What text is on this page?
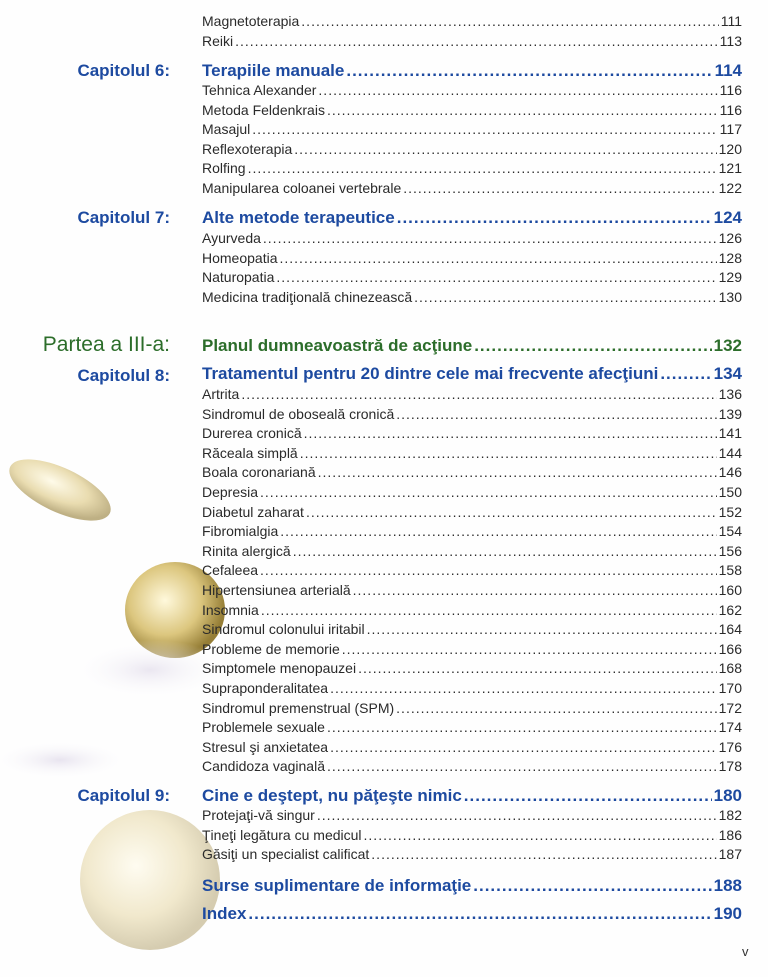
Magnetoterapia .....	111
Reiki .....	113
Capitolul 6: Terapiile manuale .....	114
Tehnica Alexander .....	116
Metoda Feldenkrais .....	116
Masajul .....	117
Reflexoterapia .....	120
Rolfing .....	121
Manipularea coloanei vertebrale .....	122
Capitolul 7: Alte metode terapeutice .....	124
Ayurveda .....	126
Homeopatia .....	128
Naturopatia .....	129
Medicina tradiţională chinezească .....	130
Partea a III-a: Planul dumneavoastră de acţiune .....	132
Capitolul 8: Tratamentul pentru 20 dintre cele mai frecvente afecţiuni .....	134
Artrita .....	136
Sindromul de oboseală cronică .....	139
Durerea cronică .....	141
Răceala simplă .....	144
Boala coronariană .....	146
Depresia .....	150
Diabetul zaharat .....	152
Fibromialgia .....	154
Rinita alergică .....	156
Cefaleea .....	158
Hipertensiunea arterială .....	160
Insomnia .....	162
Sindromul colonului iritabil .....	164
Probleme de memorie .....	166
Simptomele menopauzei .....	168
Supraponderalitatea .....	170
Sindromul premenstrual (SPM) .....	172
Problemele sexuale .....	174
Stresul şi anxietatea .....	176
Candidoza vaginală .....	178
Capitolul 9: Cine e deştept, nu păţeşte nimic .....	180
Protejaţi-vă singur .....	182
Ţineţi legătura cu medicul .....	186
Găsiţi un specialist calificat .....	187
Surse suplimentare de informaţie .....	188
Index .....	190
v
